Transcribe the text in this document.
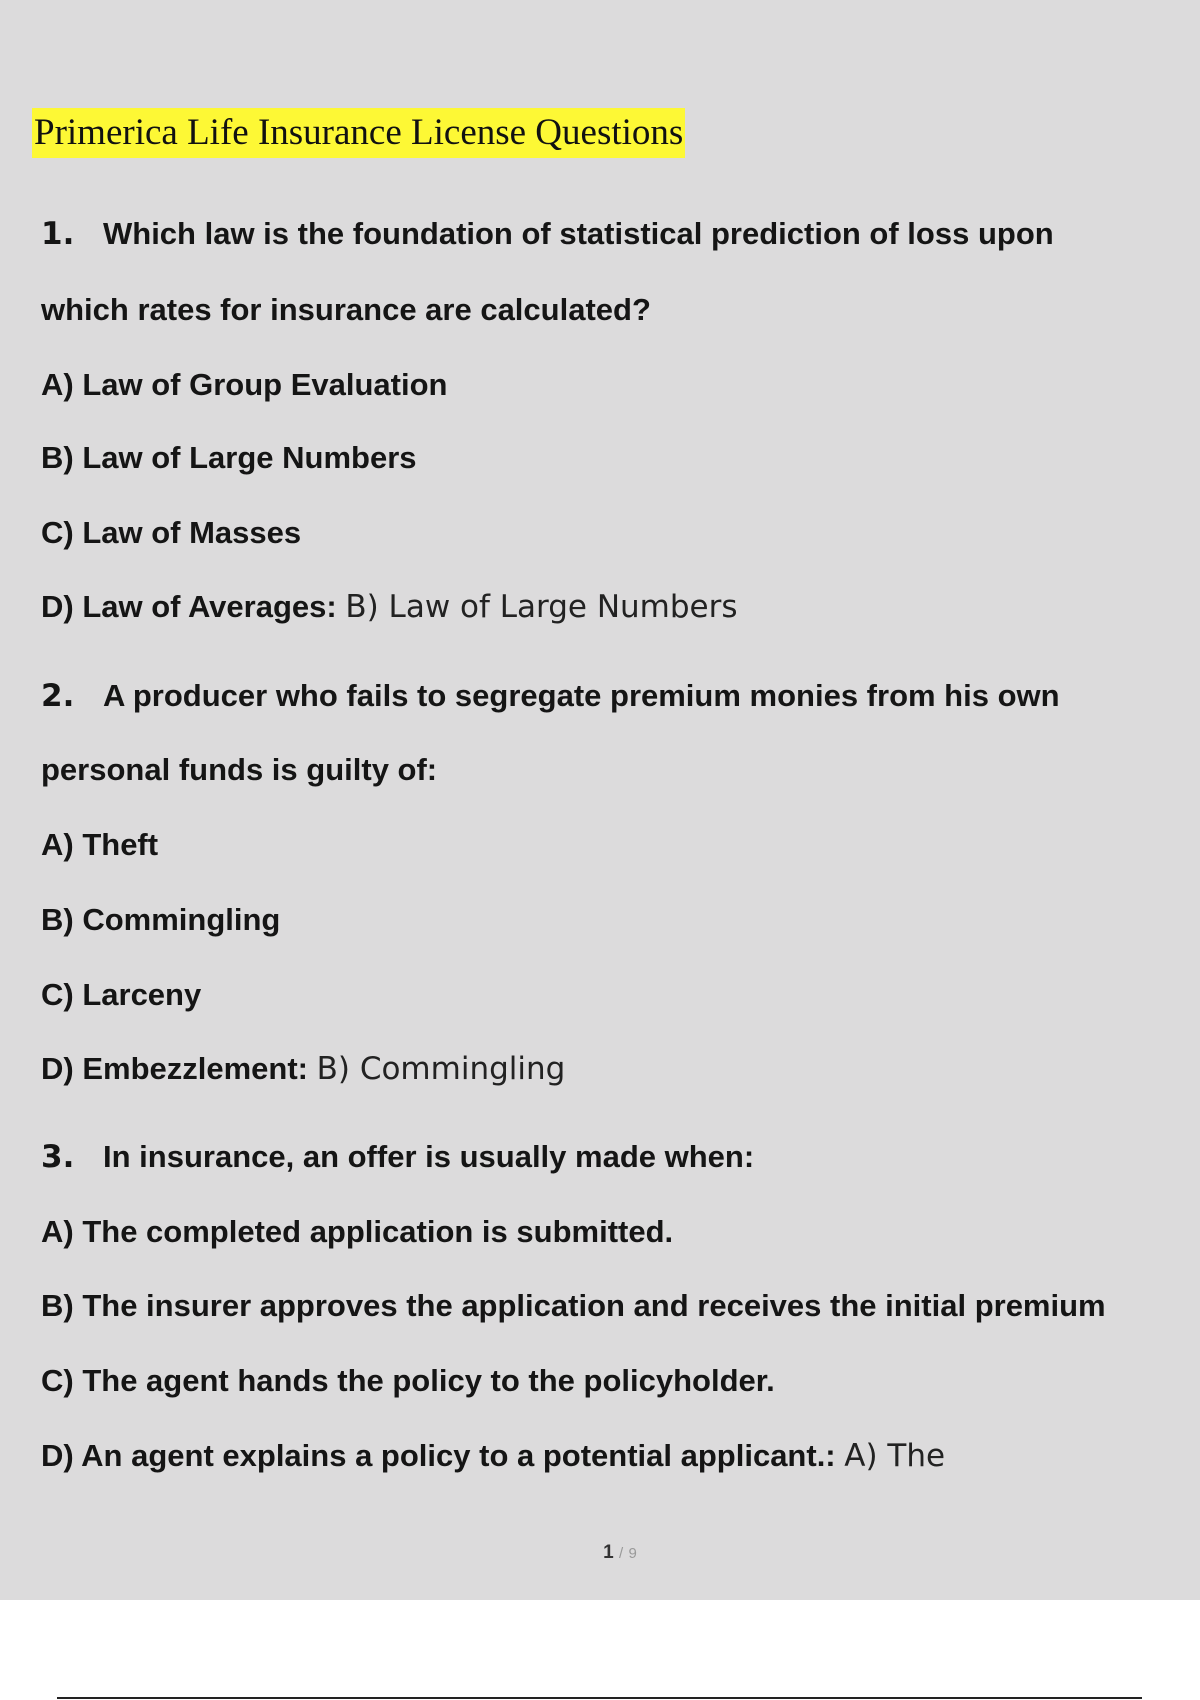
Primerica Life Insurance License Questions
1. Which law is the foundation of statistical prediction of loss upon
which rates for insurance are calculated?
A) Law of Group Evaluation
B) Law of Large Numbers
C) Law of Masses
D) Law of Averages: B) Law of Large Numbers
2. A producer who fails to segregate premium monies from his own
personal funds is guilty of:
A) Theft
B) Commingling
C) Larceny
D) Embezzlement: B) Commingling
3. In insurance, an offer is usually made when:
A) The completed application is submitted.
B) The insurer approves the application and receives the initial premium
C) The agent hands the policy to the policyholder.
D) An agent explains a policy to a potential applicant.: A) The
1 / 9
